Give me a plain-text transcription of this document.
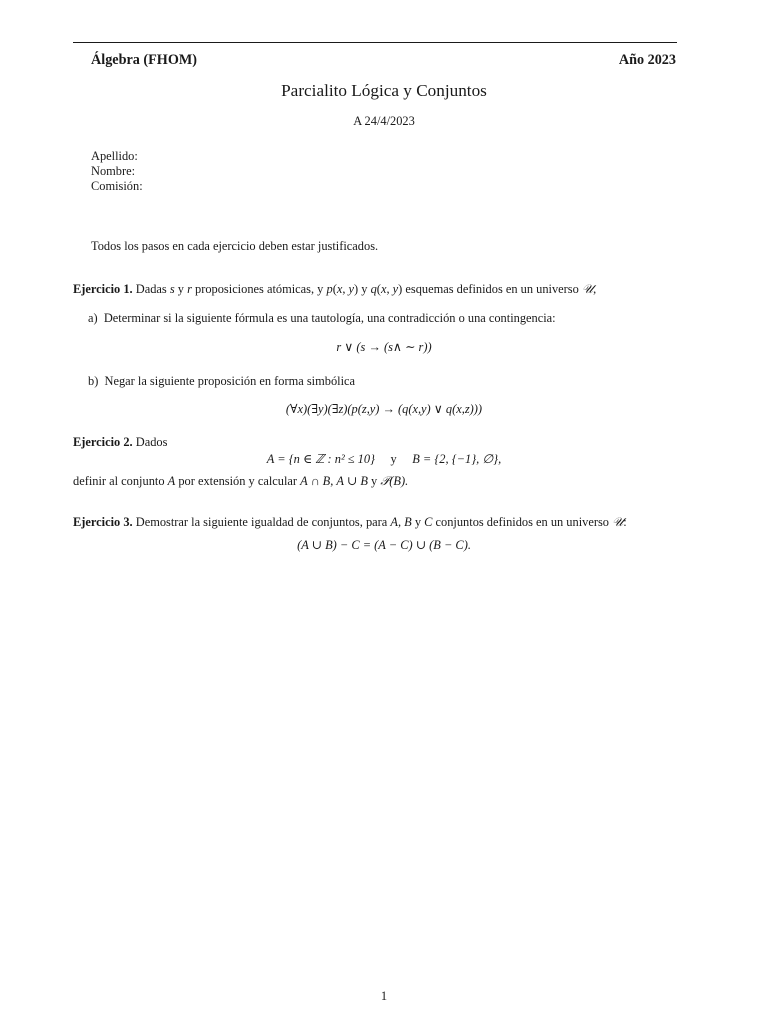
Álgebra (FHOM)	Año 2023
Parcialito Lógica y Conjuntos
A 24/4/2023
Apellido:
Nombre:
Comisión:
Todos los pasos en cada ejercicio deben estar justificados.
Ejercicio 1. Dadas s y r proposiciones atómicas, y p(x, y) y q(x, y) esquemas definidos en un universo 𝒰,
a) Determinar si la siguiente fórmula es una tautología, una contradicción o una contingencia:
r ∨ (s → (s∧ ∼ r))
b) Negar la siguiente proposición en forma simbólica
(∀x)(∃y)(∃z)(p(z,y) → (q(x,y) ∨ q(x,z)))
Ejercicio 2. Dados
A = {n ∈ ℤ : n² ≤ 10} y B = {2, {−1}, ∅},
definir al conjunto A por extensión y calcular A ∩ B, A ∪ B y 𝒫(B).
Ejercicio 3. Demostrar la siguiente igualdad de conjuntos, para A, B y C conjuntos definidos en un universo 𝒰:
(A ∪ B) − C = (A − C) ∪ (B − C).
1
